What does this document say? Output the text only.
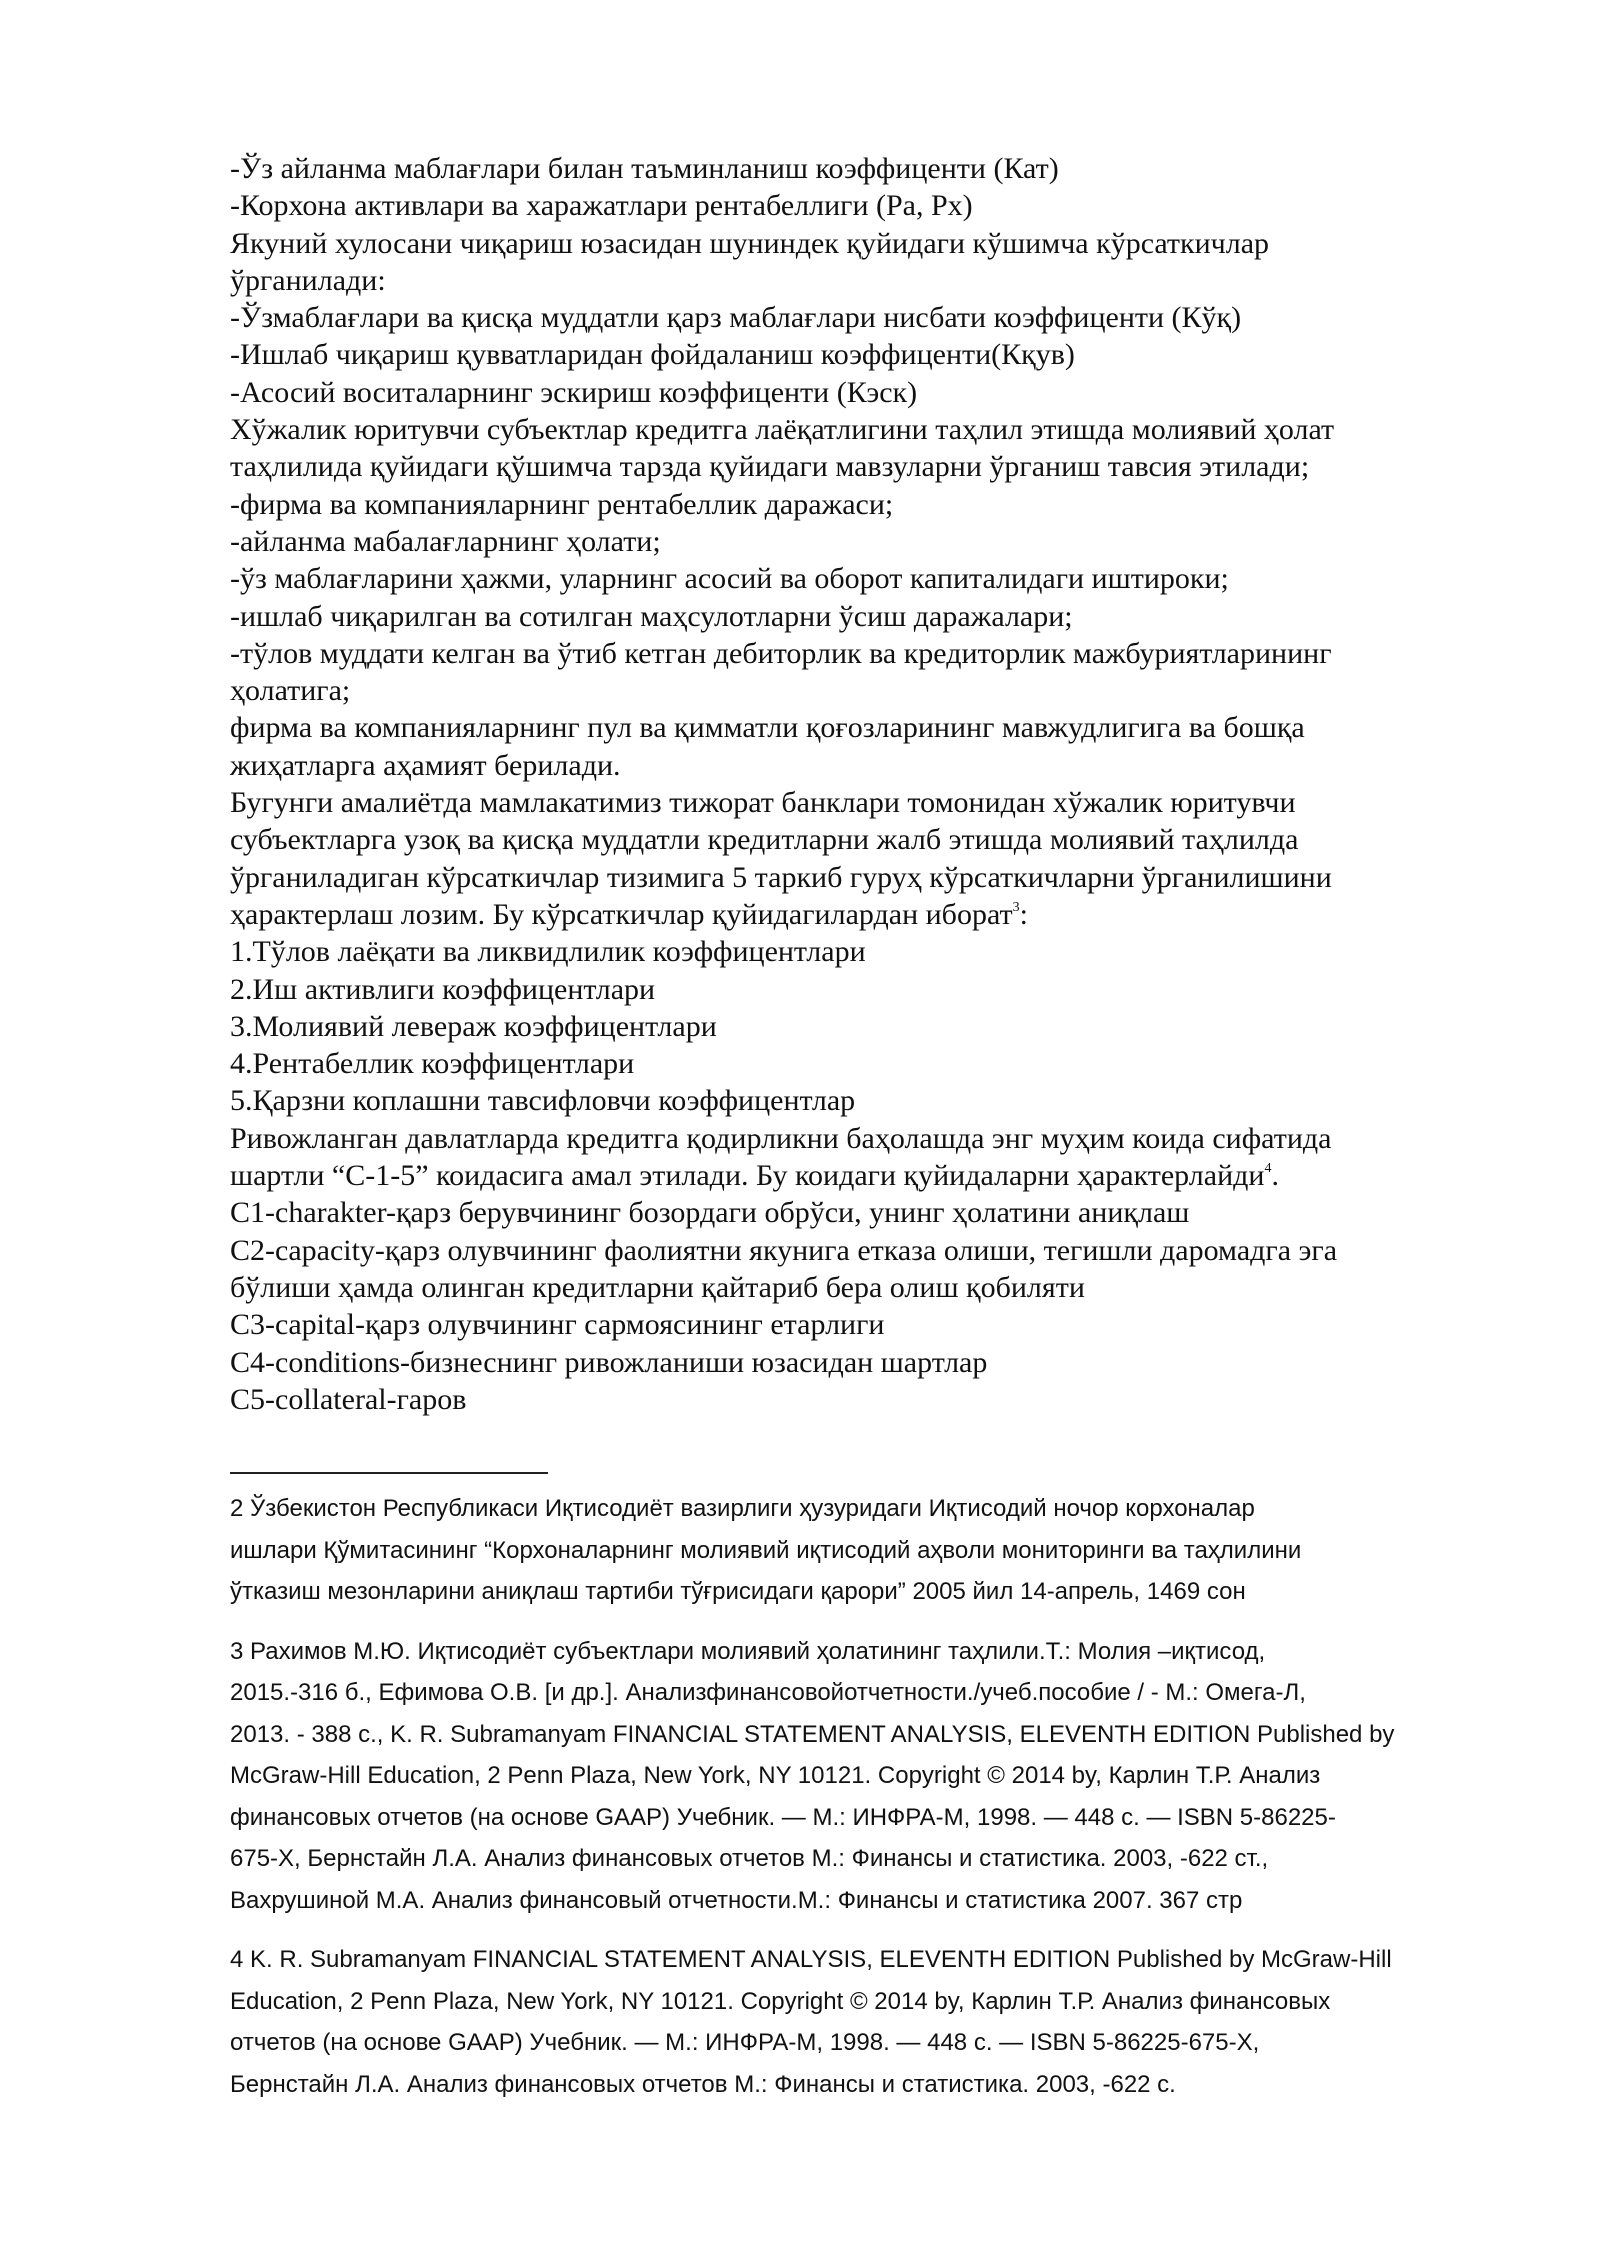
-Ўз айланма маблағлари билан таъминланиш коэффиценти (Кат)
-Корхона активлари ва харажатлари рентабеллиги (Ра, Рх)
Якуний хулосани чиқариш юзасидан шуниндек қуйидаги кўшимча кўрсаткичлар
ўрганилади:
-Ўзмаблағлари ва қисқа муддатли қарз маблағлари нисбати коэффиценти (Кўқ)
-Ишлаб чиқариш қувватларидан фойдаланиш коэффиценти(Кқув)
-Асосий воситаларнинг эскириш коэффиценти (Кэск)
Хўжалик юритувчи субъектлар кредитга лаёқатлигини таҳлил этишда молиявий ҳолат
таҳлилида қуйидаги қўшимча тарзда қуйидаги мавзуларни ўрганиш тавсия этилади;
-фирма ва компанияларнинг рентабеллик даражаси;
-айланма мабалағларнинг ҳолати;
-ўз маблағларини ҳажми, уларнинг асосий ва оборот капиталидаги иштироки;
-ишлаб чиқарилган ва сотилган маҳсулотларни ўсиш даражалари;
-тўлов муддати келган ва ўтиб кетган дебиторлик ва кредиторлик мажбуриятларининг
ҳолатига;
фирма ва компанияларнинг пул ва қимматли қоғозларининг мавжудлигига ва бошқа
жиҳатларга аҳамият берилади.
Бугунги амалиётда мамлакатимиз тижорат банклари томонидан хўжалик юритувчи
субъектларга узоқ ва қисқа муддатли кредитларни жалб этишда молиявий таҳлилда
ўрганиладиган кўрсаткичлар тизимига 5 таркиб гуруҳ кўрсаткичларни ўрганилишини
ҳарактерлаш лозим. Бу кўрсаткичлар қуйидагилардан иборат$^3$:
1.Тўлов лаёқати ва ликвидлилик коэффицентлари
2.Иш активлиги коэффицентлари
3.Молиявий левераж коэффицентлари
4.Рентабеллик коэффицентлари
5.Қарзни коплашни тавсифловчи коэффицентлар
Ривожланган давлатларда кредитга қодирликни баҳолашда энг муҳим коида сифатида
шартли “С-1-5” коидасига амал этилади. Бу коидаги қуйидаларни ҳарактерлайди$^4$.
C1-charakter-қарз берувчининг бозордаги обрўси, унинг ҳолатини аниқлаш
C2-capacity-қарз олувчининг фаолиятни якунига етказа олиши, тегишли даромадга эга
бўлиши ҳамда олинган кредитларни қайтариб бера олиш қобиляти
C3-capital-қарз олувчининг сармоясининг етарлиги
C4-conditions-бизнеснинг ривожланиши юзасидан шартлар
C5-collateral-гаров
2 Ўзбекистон Республикаси Иқтисодиёт вазирлиги ҳузуридаги Иқтисодий ночор корхоналар
ишлари Қўмитасининг “Корхоналарнинг молиявий иқтисодий аҳволи мониторинги ва таҳлилини
ўтказиш мезонларини аниқлаш тартиби тўғрисидаги қарори” 2005 йил 14-апрель, 1469 сон
3 Рахимов М.Ю. Иқтисодиёт субъектлари молиявий ҳолатининг таҳлили.Т.: Молия –иқтисод,
2015.-316 б., Ефимова О.В. [и др.]. Анализфинансовойотчетности./учеб.пособие / - М.: Омега-Л,
2013. - 388 с., K. R. Subramanyam FINANCIAL STATEMENT ANALYSIS, ELEVENTH EDITION Published by
McGraw-Hill Education, 2 Penn Plaza, New York, NY 10121. Copyright © 2014 by, Карлин Т.Р. Анализ
финансовых отчетов (на основе GAAP) Учебник. — М.: ИНФРА-М, 1998. — 448 с. — ISBN 5-86225-
675-Х, Бернстайн Л.А. Анализ финансовых отчетов М.: Финансы и статистика. 2003, -622 ст.,
Вахрушиной М.А. Анализ финансовый отчетности.М.: Финансы и статистика 2007. 367 стр
4 K. R. Subramanyam FINANCIAL STATEMENT ANALYSIS, ELEVENTH EDITION Published by McGraw-Hill
Education, 2 Penn Plaza, New York, NY 10121. Copyright © 2014 by, Карлин Т.Р. Анализ финансовых
отчетов (на основе GAAP) Учебник. — М.: ИНФРА-М, 1998. — 448 с. — ISBN 5-86225-675-Х,
Бернстайн Л.А. Анализ финансовых отчетов М.: Финансы и статистика. 2003, -622 с.
